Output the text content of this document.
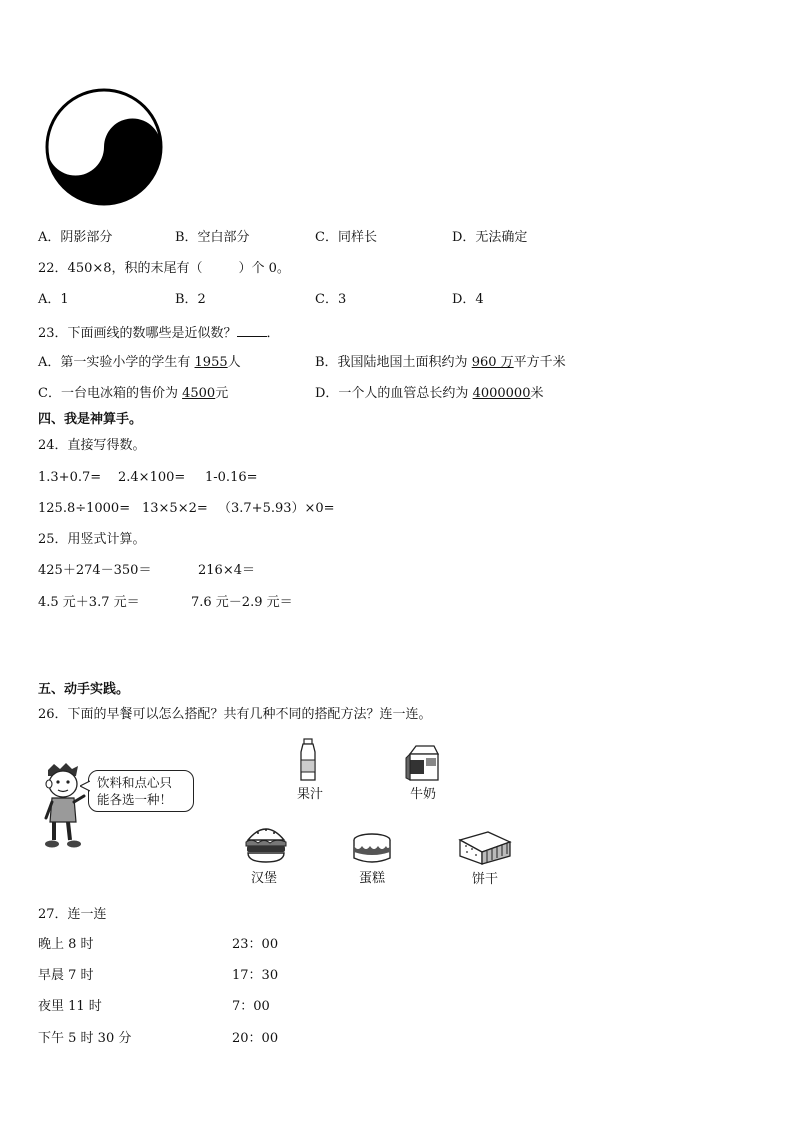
A．阴影部分	B．空白部分	C．同样长	D．无法确定
22．450×8，积的末尾有（	）个 0。
A．1	B．2	C．3	D．4
23．下面画线的数哪些是近似数？ ．
A．第一实验小学的学生有 1955人	B．我国陆地国土面积约为 960 万平方千米
C．一台电冰箱的售价为 4500元	D．一个人的血管总长约为 4000000米
四、我是神算手。
24．直接写得数。
1.3+0.7= 2.4×100= 1-0.16=
125.8÷1000= 13×5×2= （3.7+5.93）×0=
25．用竖式计算。
425＋274－350＝	216×4＝
4.5 元＋3.7 元＝	7.6 元－2.9 元＝
五、动手实践。
26．下面的早餐可以怎么搭配？共有几种不同的搭配方法？连一连。
饮料和点心只
能各选一种！	果汁	牛奶
汉堡	蛋糕	饼干
27．连一连
晚上 8 时
早晨 7 时
夜里 11 时
下午 5 时 30 分
23：00
17：30
7：00
20：00
